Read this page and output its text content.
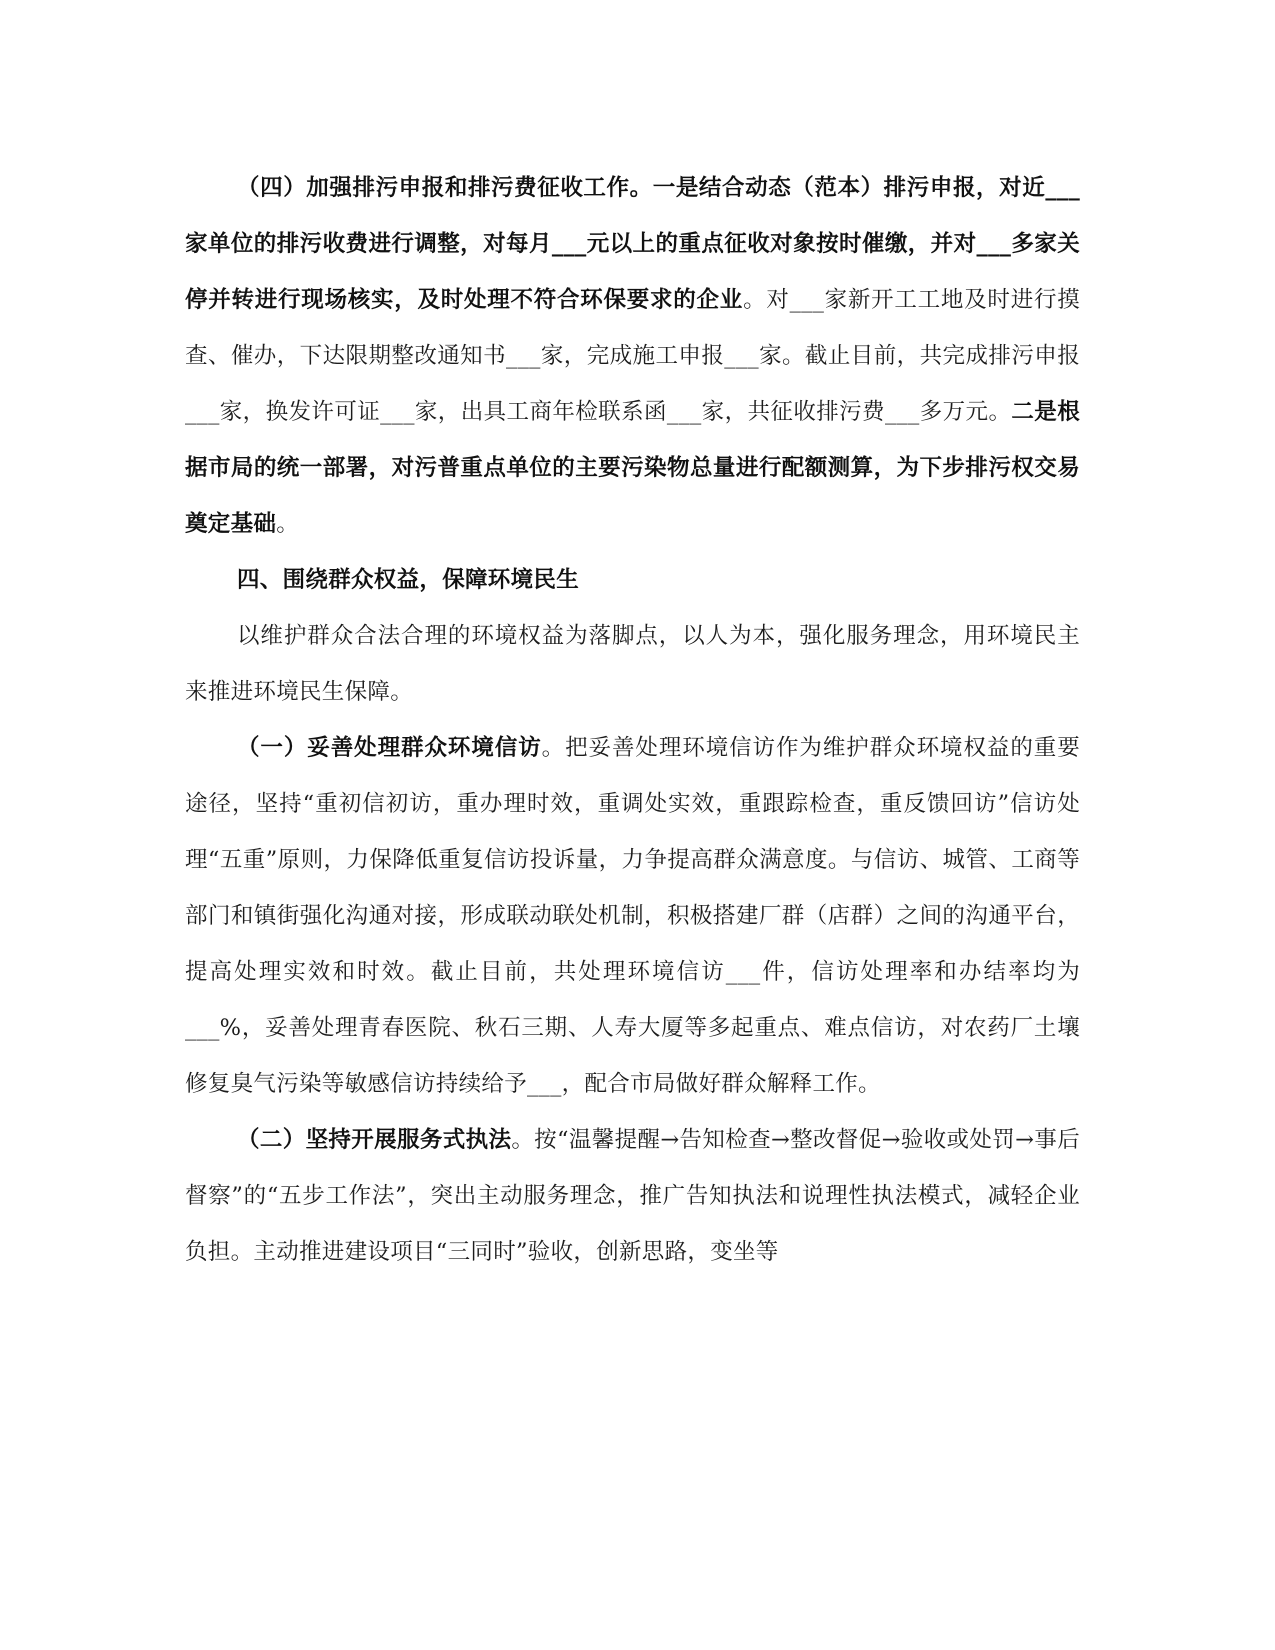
（四）加强排污申报和排污费征收工作。一是结合动态（范本）排污申报，对近___家单位的排污收费进行调整，对每月___元以上的重点征收对象按时催缴，并对___多家关停并转进行现场核实，及时处理不符合环保要求的企业。对___家新开工工地及时进行摸查、催办，下达限期整改通知书___家，完成施工申报___家。截止目前，共完成排污申报___家，换发许可证___家，出具工商年检联系函___家，共征收排污费___多万元。二是根据市局的统一部署，对污普重点单位的主要污染物总量进行配额测算，为下步排污权交易奠定基础。

四、围绕群众权益，保障环境民生

以维护群众合法合理的环境权益为落脚点，以人为本，强化服务理念，用环境民主来推进环境民生保障。

（一）妥善处理群众环境信访。把妥善处理环境信访作为维护群众环境权益的重要途径，坚持“重初信初访，重办理时效，重调处实效，重跟踪检查，重反馈回访”信访处理“五重”原则，力保降低重复信访投诉量，力争提高群众满意度。与信访、城管、工商等部门和镇街强化沟通对接，形成联动联处机制，积极搭建厂群（店群）之间的沟通平台，提高处理实效和时效。截止目前，共处理环境信访___件，信访处理率和办结率均为___%，妥善处理青春医院、秋石三期、人寿大厦等多起重点、难点信访，对农药厂土壤修复臭气污染等敏感信访持续给予___，配合市局做好群众解释工作。

（二）坚持开展服务式执法。按“温馨提醒→告知检查→整改督促→验收或处罚→事后督察”的“五步工作法”，突出主动服务理念，推广告知执法和说理性执法模式，减轻企业负担。主动推进建设项目“三同时”验收，创新思路，变坐等
